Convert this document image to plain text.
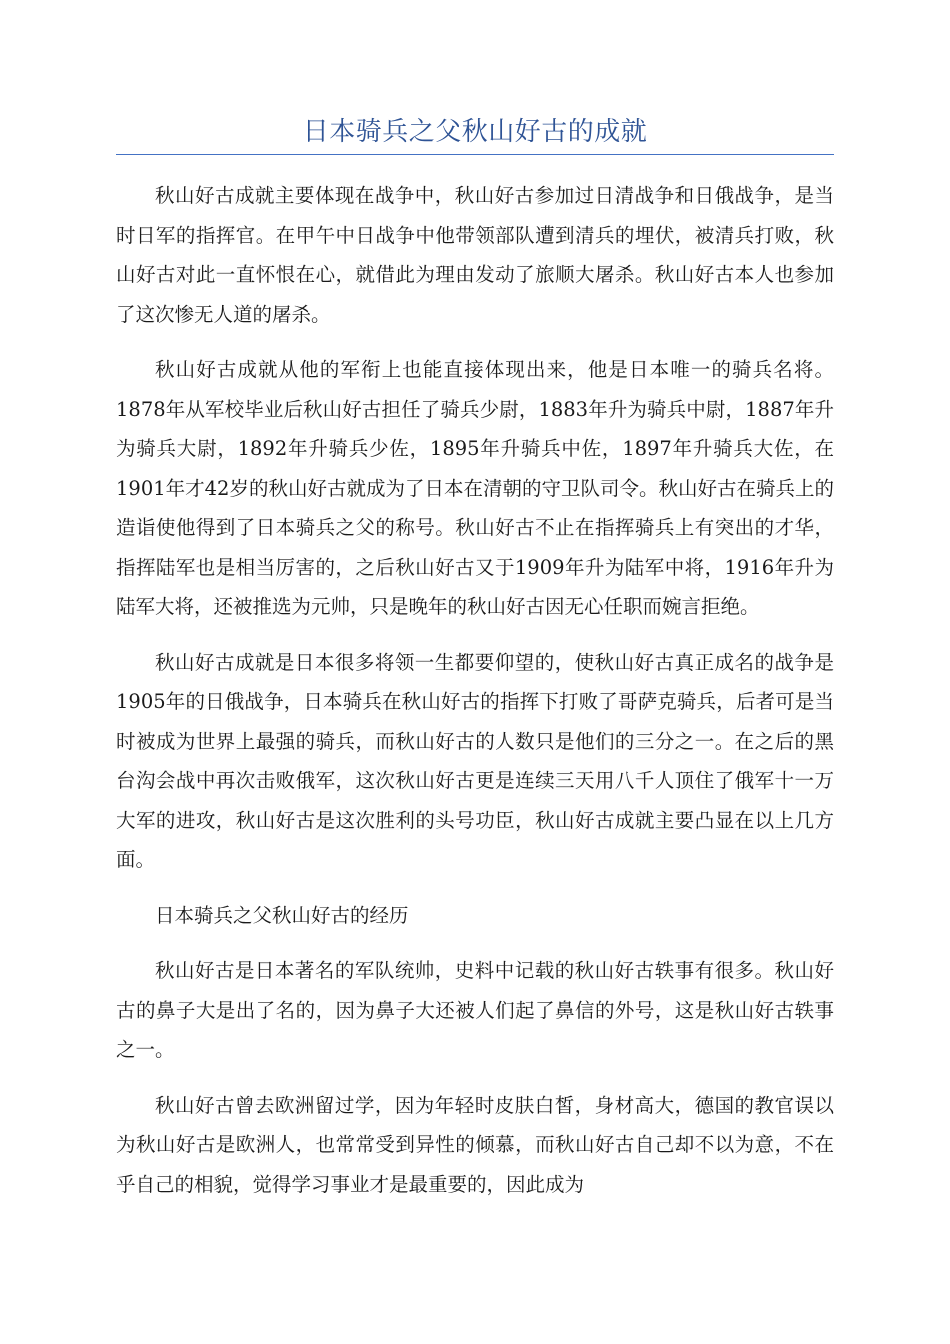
日本骑兵之父秋山好古的成就

秋山好古成就主要体现在战争中，秋山好古参加过日清战争和日俄战争，是当时日军的指挥官。在甲午中日战争中他带领部队遭到清兵的埋伏，被清兵打败，秋山好古对此一直怀恨在心，就借此为理由发动了旅顺大屠杀。秋山好古本人也参加了这次惨无人道的屠杀。

秋山好古成就从他的军衔上也能直接体现出来，他是日本唯一的骑兵名将。1878年从军校毕业后秋山好古担任了骑兵少尉，1883年升为骑兵中尉，1887年升为骑兵大尉，1892年升骑兵少佐，1895年升骑兵中佐，1897年升骑兵大佐，在1901年才42岁的秋山好古就成为了日本在清朝的守卫队司令。秋山好古在骑兵上的造诣使他得到了日本骑兵之父的称号。秋山好古不止在指挥骑兵上有突出的才华，指挥陆军也是相当厉害的，之后秋山好古又于1909年升为陆军中将，1916年升为陆军大将，还被推选为元帅，只是晚年的秋山好古因无心任职而婉言拒绝。

秋山好古成就是日本很多将领一生都要仰望的，使秋山好古真正成名的战争是1905年的日俄战争，日本骑兵在秋山好古的指挥下打败了哥萨克骑兵，后者可是当时被成为世界上最强的骑兵，而秋山好古的人数只是他们的三分之一。在之后的黑台沟会战中再次击败俄军，这次秋山好古更是连续三天用八千人顶住了俄军十一万大军的进攻，秋山好古是这次胜利的头号功臣，秋山好古成就主要凸显在以上几方面。

日本骑兵之父秋山好古的经历

秋山好古是日本著名的军队统帅，史料中记载的秋山好古轶事有很多。秋山好古的鼻子大是出了名的，因为鼻子大还被人们起了鼻信的外号，这是秋山好古轶事之一。

秋山好古曾去欧洲留过学，因为年轻时皮肤白皙，身材高大，德国的教官误以为秋山好古是欧洲人，也常常受到异性的倾慕，而秋山好古自己却不以为意，不在乎自己的相貌，觉得学习事业才是最重要的，因此成为
